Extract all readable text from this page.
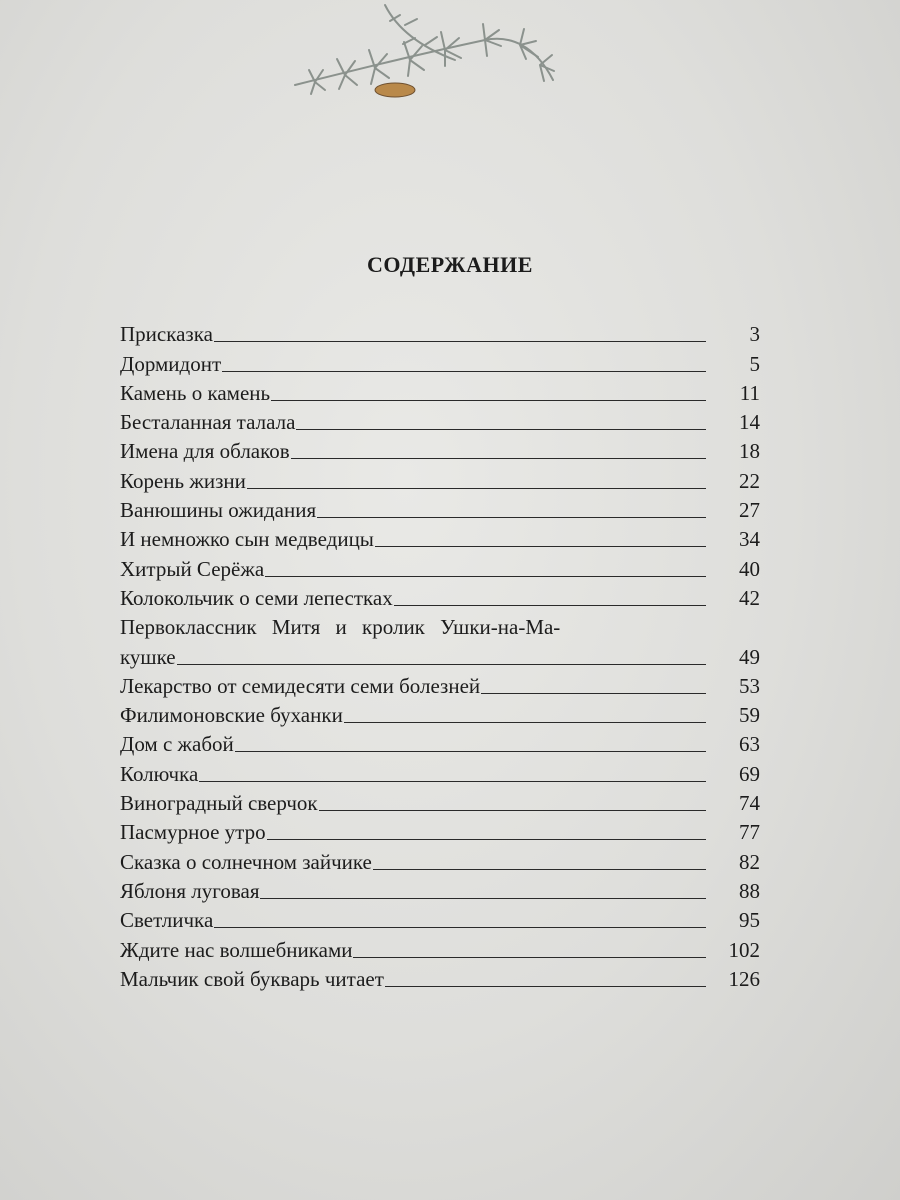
СОДЕРЖАНИЕ
Присказка	3
Дормидонт	5
Камень о камень	11
Бесталанная талала	14
Имена для облаков	18
Корень жизни	22
Ванюшины ожидания	27
И немножко сын медведицы	34
Хитрый Серёжа	40
Колокольчик о семи лепестках	42
Первоклассник Митя и кролик Ушки-на-Ма-
кушке	49
Лекарство от семидесяти семи болезней	53
Филимоновские буханки	59
Дом с жабой	63
Колючка	69
Виноградный сверчок	74
Пасмурное утро	77
Сказка о солнечном зайчике	82
Яблоня луговая	88
Светличка	95
Ждите нас волшебниками	102
Мальчик свой букварь читает	126
